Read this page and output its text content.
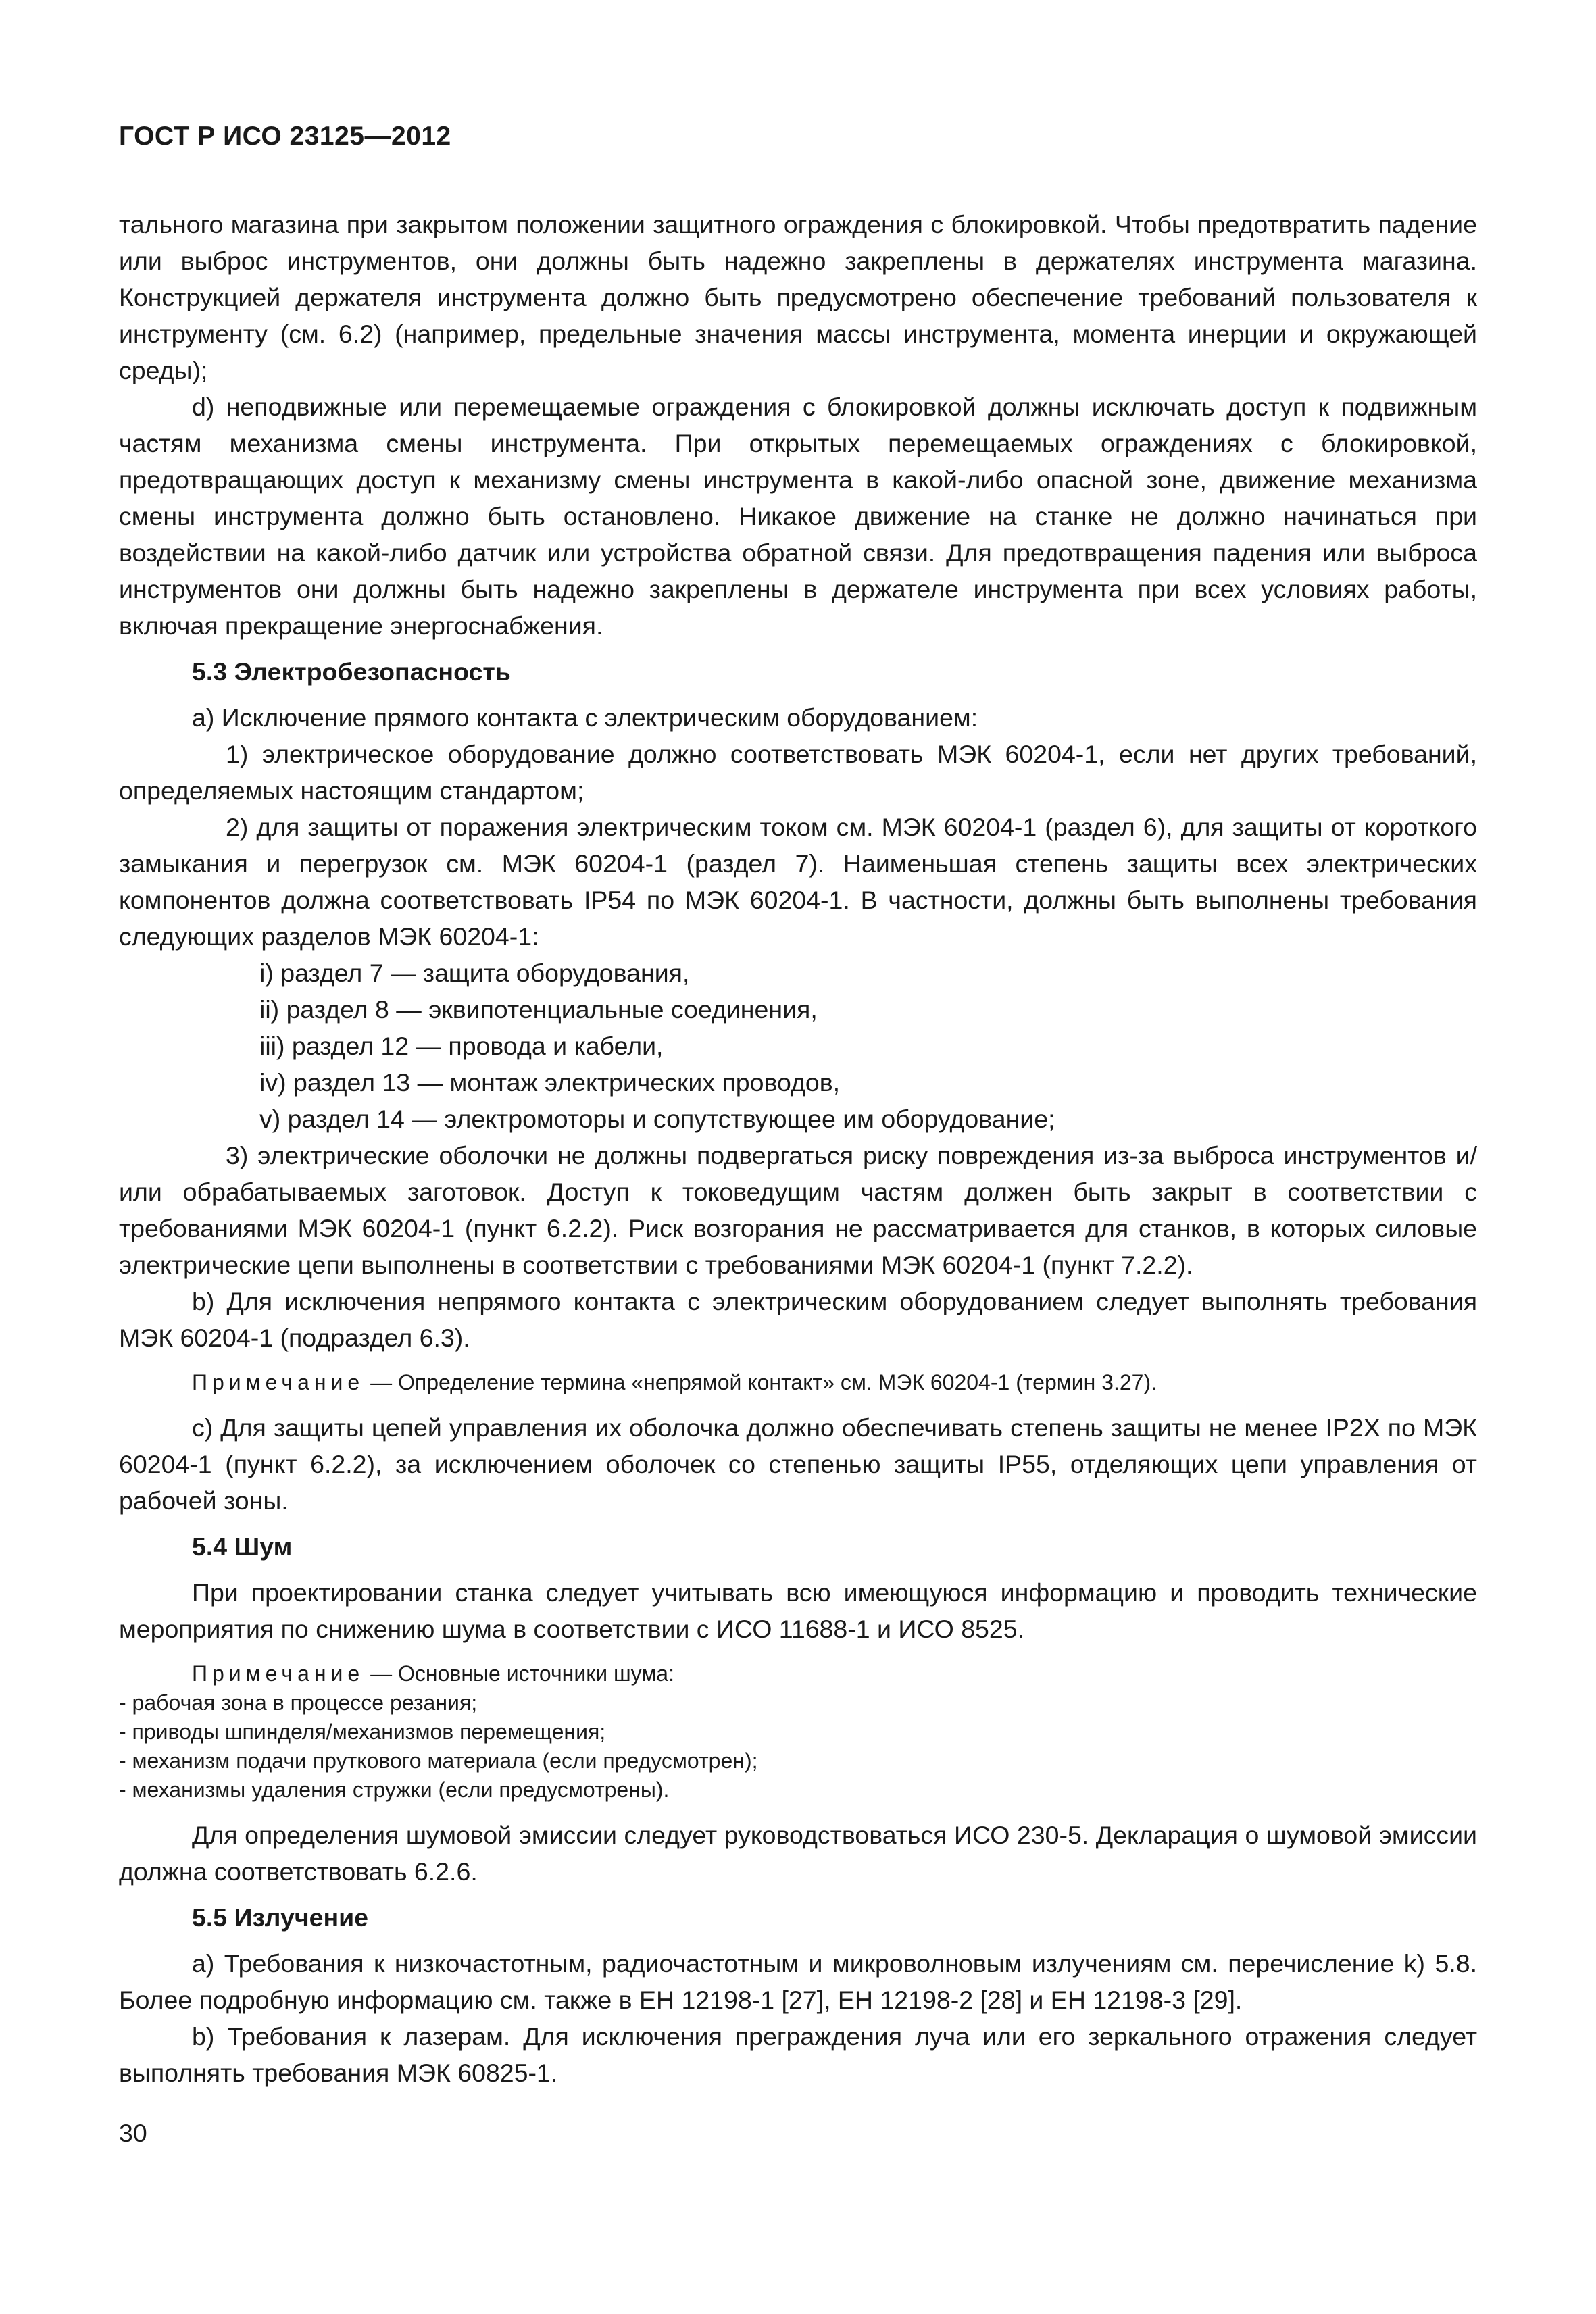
ГОСТ Р ИСО 23125—2012

тального магазина при закрытом положении защитного ограждения с блокировкой. Чтобы предотвратить падение или выброс инструментов, они должны быть надежно закреплены в держателях инструмента магазина. Конструкцией держателя инструмента должно быть предусмотрено обеспечение требований пользователя к инструменту (см. 6.2) (например, предельные значения массы инструмента, момента инерции и окружающей среды);

d) неподвижные или перемещаемые ограждения с блокировкой должны исключать доступ к подвижным частям механизма смены инструмента. При открытых перемещаемых ограждениях с блокировкой, предотвращающих доступ к механизму смены инструмента в какой-либо опасной зоне, движение механизма смены инструмента должно быть остановлено. Никакое движение на станке не должно начинаться при воздействии на какой-либо датчик или устройства обратной связи. Для предотвращения падения или выброса инструментов они должны быть надежно закреплены в держателе инструмента при всех условиях работы, включая прекращение энергоснабжения.

5.3 Электробезопасность

а) Исключение прямого контакта с электрическим оборудованием:

1) электрическое оборудование должно соответствовать МЭК 60204-1, если нет других требований, определяемых настоящим стандартом;

2) для защиты от поражения электрическим током см. МЭК 60204-1 (раздел 6), для защиты от короткого замыкания и перегрузок см. МЭК 60204-1 (раздел 7). Наименьшая степень защиты всех электрических компонентов должна соответствовать IP54 по МЭК 60204-1. В частности, должны быть выполнены требования следующих разделов МЭК 60204-1:

i) раздел 7 — защита оборудования,

ii) раздел 8 — эквипотенциальные соединения,

iii) раздел 12 — провода и кабели,

iv) раздел 13 — монтаж электрических проводов,

v) раздел 14 — электромоторы и сопутствующее им оборудование;

3) электрические оболочки не должны подвергаться риску повреждения из-за выброса инструментов и/или обрабатываемых заготовок. Доступ к токоведущим частям должен быть закрыт в соответствии с требованиями МЭК 60204-1 (пункт 6.2.2). Риск возгорания не рассматривается для станков, в которых силовые электрические цепи выполнены в соответствии с требованиями МЭК 60204-1 (пункт 7.2.2).

b) Для исключения непрямого контакта с электрическим оборудованием следует выполнять требования МЭК 60204-1 (подраздел 6.3).

Примечание — Определение термина «непрямой контакт» см. МЭК 60204-1 (термин 3.27).

c) Для защиты цепей управления их оболочка должно обеспечивать степень защиты не менее IP2X по МЭК 60204-1 (пункт 6.2.2), за исключением оболочек со степенью защиты IP55, отделяющих цепи управления от рабочей зоны.

5.4 Шум

При проектировании станка следует учитывать всю имеющуюся информацию и проводить технические мероприятия по снижению шума в соответствии с ИСО 11688-1 и ИСО 8525.

Примечание — Основные источники шума:

- рабочая зона в процессе резания;

- приводы шпинделя/механизмов перемещения;

- механизм подачи пруткового материала (если предусмотрен);

- механизмы удаления стружки (если предусмотрены).

Для определения шумовой эмиссии следует руководствоваться ИСО 230-5. Декларация о шумовой эмиссии должна соответствовать 6.2.6.

5.5 Излучение

а) Требования к низкочастотным, радиочастотным и микроволновым излучениям см. перечисление k) 5.8. Более подробную информацию см. также в ЕН 12198-1 [27], ЕН 12198-2 [28] и ЕН 12198-3 [29].

b) Требования к лазерам. Для исключения преграждения луча или его зеркального отражения следует выполнять требования МЭК 60825-1.

30
